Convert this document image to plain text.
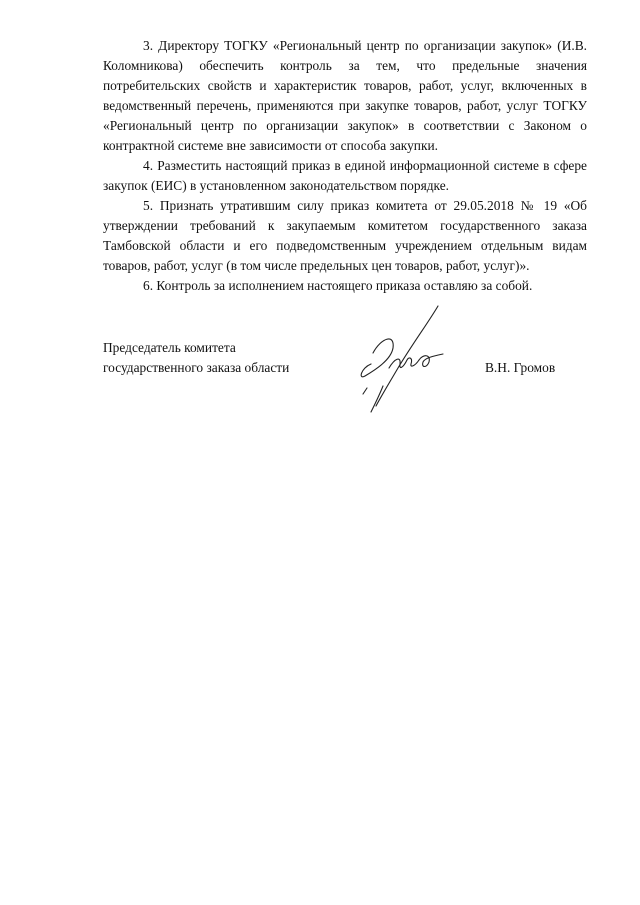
3. Директору ТОГКУ «Региональный центр по организации закупок» (И.В. Коломникова) обеспечить контроль за тем, что предельные значения потребительских свойств и характеристик товаров, работ, услуг, включенных в ведомственный перечень, применяются при закупке товаров, работ, услуг ТОГКУ «Региональный центр по организации закупок» в соответствии с Законом о контрактной системе вне зависимости от способа закупки.

4. Разместить настоящий приказ в единой информационной системе в сфере закупок (ЕИС) в установленном законодательством порядке.

5. Признать утратившим силу приказ комитета от 29.05.2018 № 19 «Об утверждении требований к закупаемым комитетом государственного заказа Тамбовской области и его подведомственным учреждением отдельным видам товаров, работ, услуг (в том числе предельных цен товаров, работ, услуг)».

6. Контроль за исполнением настоящего приказа оставляю за собой.

Председатель комитета
государственного заказа области	В.Н. Громов
